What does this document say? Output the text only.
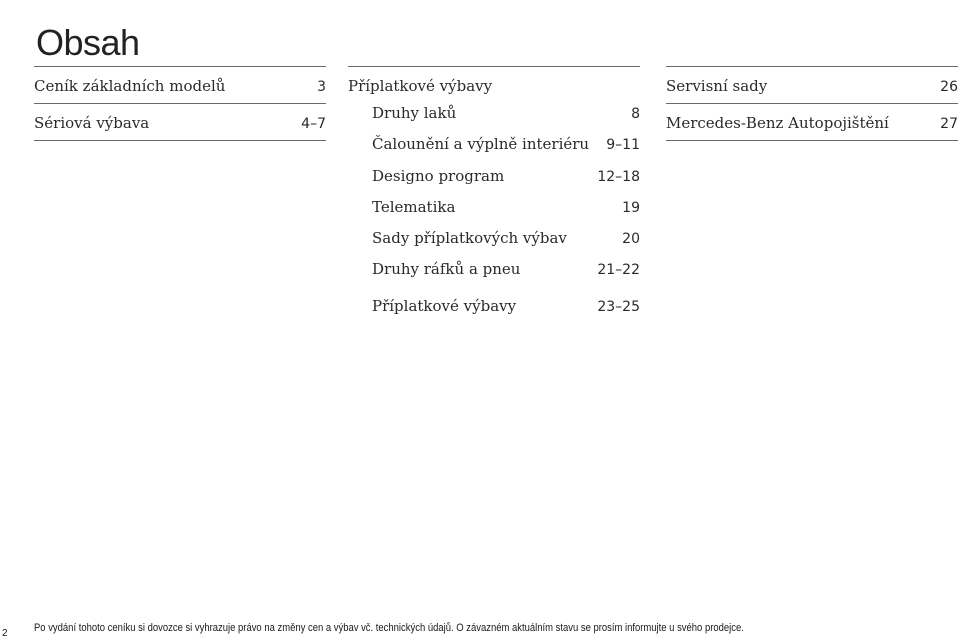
Obsah
Ceník základních modelů	3
Sériová výbava	4–7
Příplatkové výbavy
Druhy laků	8
Čalounění a výplně interiéru 9–11
Designo program	12–18
Telematika	19
Sady příplatkových výbav	20
Druhy ráfků a pneu	21–22
Příplatkové výbavy	23–25
Servisní sady	26
Mercedes-Benz Autopojištění	27
2 Po vydání tohoto ceníku si dovozce si vyhrazuje právo na změny cen a výbav vč. technických údajů. O závazném aktuálním stavu se prosím informujte u svého prodejce.
